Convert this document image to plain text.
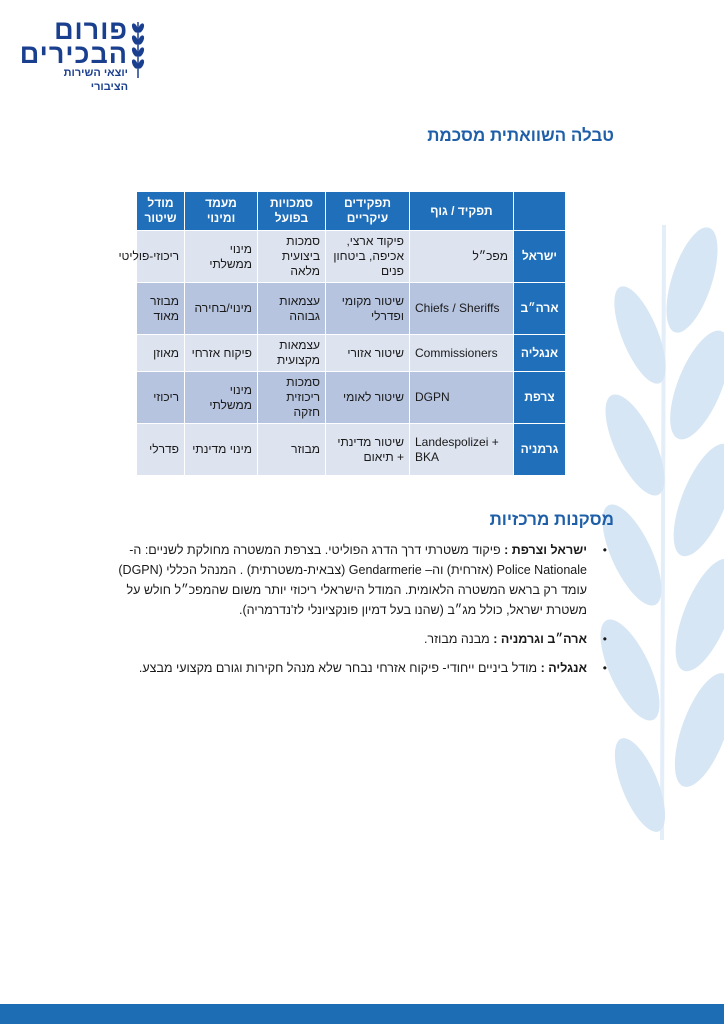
פורום
הבכירים
יוצאי השירות הציבורי
טבלה השוואתית מסכמת
	תפקיד / גוף	תפקידים עיקריים	סמכויות בפועל	מעמד ומינוי	מודל שיטור
ישראל	מפכ״ל	פיקוד ארצי, אכיפה, ביטחון פנים	סמכות ביצועית מלאה	מינוי ממשלתי	ריכוזי-פוליטי
ארה״ב	Chiefs / Sheriffs	שיטור מקומי ופדרלי	עצמאות גבוהה	מינוי/בחירה	מבוזר מאוד
אנגליה	Commissioners	שיטור אזורי	עצמאות מקצועית	פיקוח אזרחי	מאוזן
צרפת	DGPN	שיטור לאומי	סמכות ריכוזית חזקה	מינוי ממשלתי	ריכוזי
גרמניה	Landespolizei + BKA	שיטור מדינתי + תיאום	מבוזר	מינוי מדינתי	פדרלי
מסקנות מרכזיות
•
ישראל וצרפת : פיקוד משטרתי דרך הדרג הפוליטי. בצרפת המשטרה מחולקת לשניים: ה- Police Nationale (אזרחית) וה– Gendarmerie (צבאית-משטרתית) . המנהל הכללי (DGPN) עומד רק בראש המשטרה הלאומית. המודל הישראלי ריכוזי יותר משום שהמפכ״ל חולש על משטרת ישראל, כולל מג״ב (שהנו בעל דמיון פונקציונלי לז'נדרמריה).
•
ארה״ב וגרמניה : מבנה מבוזר.
•
אנגליה : מודל ביניים ייחודי- פיקוח אזרחי נבחר שלא מנהל חקירות וגורם מקצועי מבצע.
